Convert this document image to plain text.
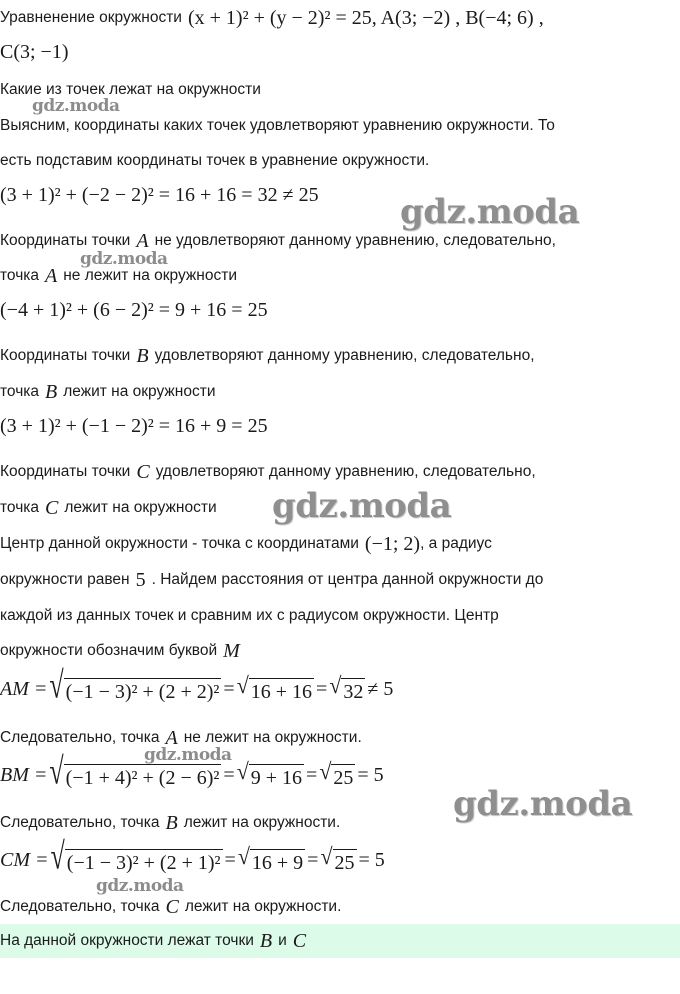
Уравненение окружности (x + 1)² + (y − 2)² = 25, A(3; −2) , B(−4; 6) ,
C(3; −1)
Какие из точек лежат на окружности
Выясним, координаты каких точек удовлетворяют уравнению окружности. То
есть подставим координаты точек в уравнение окружности.
(3 + 1)² + (−2 − 2)² = 16 + 16 = 32 ≠ 25
Координаты точки A не удовлетворяют данному уравнению, следовательно,
точка A не лежит на окружности
(−4 + 1)² + (6 − 2)² = 9 + 16 = 25
Координаты точки B удовлетворяют данному уравнению, следовательно,
точка B лежит на окружности
(3 + 1)² + (−1 − 2)² = 16 + 9 = 25
Координаты точки C удовлетворяют данному уравнению, следовательно,
точка C лежит на окружности
Центр данной окружности - точка с координатами (−1; 2) , а радиус
окружности равен 5 . Найдем расстояния от центра данной окружности до
каждой из данных точек и сравним их с радиусом окружности. Центр
окружности обозначим буквой M
AM = √ (−1 − 3)² + (2 + 2)² = √ 16 + 16 = √ 32 ≠ 5
Следовательно, точка A не лежит на окружности.
BM = √ (−1 + 4)² + (2 − 6)² = √ 9 + 16 = √ 25 = 5
Следовательно, точка B лежит на окружности.
CM = √ (−1 − 3)² + (2 + 1)² = √ 16 + 9 = √ 25 = 5
Следовательно, точка C лежит на окружности.
На данной окружности лежат точки B и C
gdz.moda
gdz.moda
gdz.moda
gdz.moda
gdz.moda
gdz.moda
gdz.moda
